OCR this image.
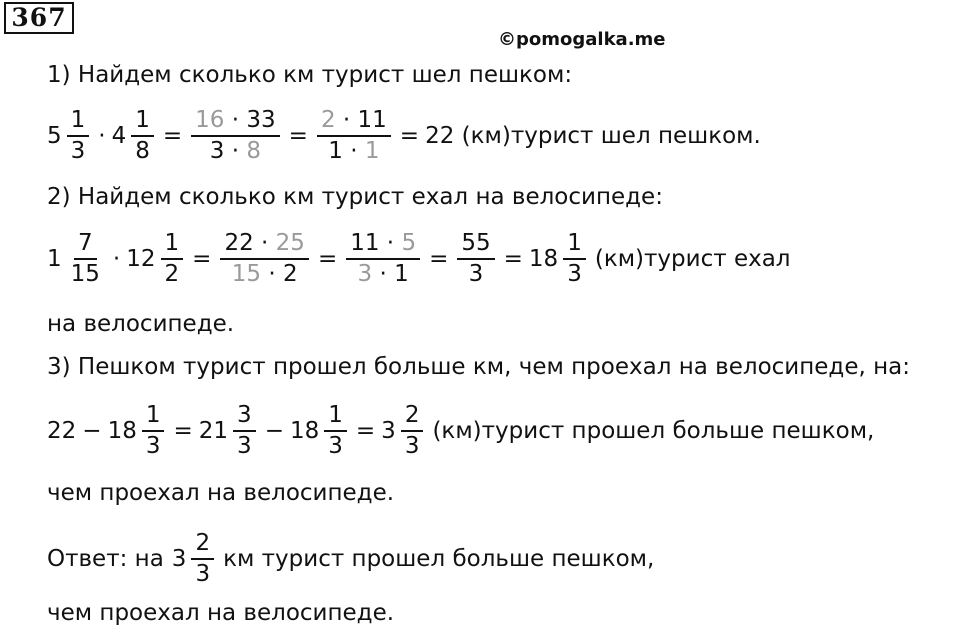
367
©pomogalka.me
1) Найдем сколько км турист шел пешком:
$5 \frac{1}{3} \cdot 4 \frac{1}{8} = \frac{16 \cdot 33}{3 \cdot 8} = \frac{2 \cdot 11}{1 \cdot 1} = 22$ (км)турист шел пешком.
2) Найдем сколько км турист ехал на велосипеде:
$1 \frac{7}{15} \cdot 12 \frac{1}{2} = \frac{22 \cdot 25}{15 \cdot 2} = \frac{11 \cdot 5}{3 \cdot 1} = \frac{55}{3} = 18 \frac{1}{3}$ (км)турист ехал
на велосипеде.
3) Пешком турист прошел больше км, чем проехал на велосипеде, на:
$22 - 18 \frac{1}{3} = 21 \frac{3}{3} - 18 \frac{1}{3} = 3 \frac{2}{3}$ (км)турист прошел больше пешком,
чем проехал на велосипеде.
Ответ: на $3 \frac{2}{3}$ км турист прошел больше пешком,
чем проехал на велосипеде.
